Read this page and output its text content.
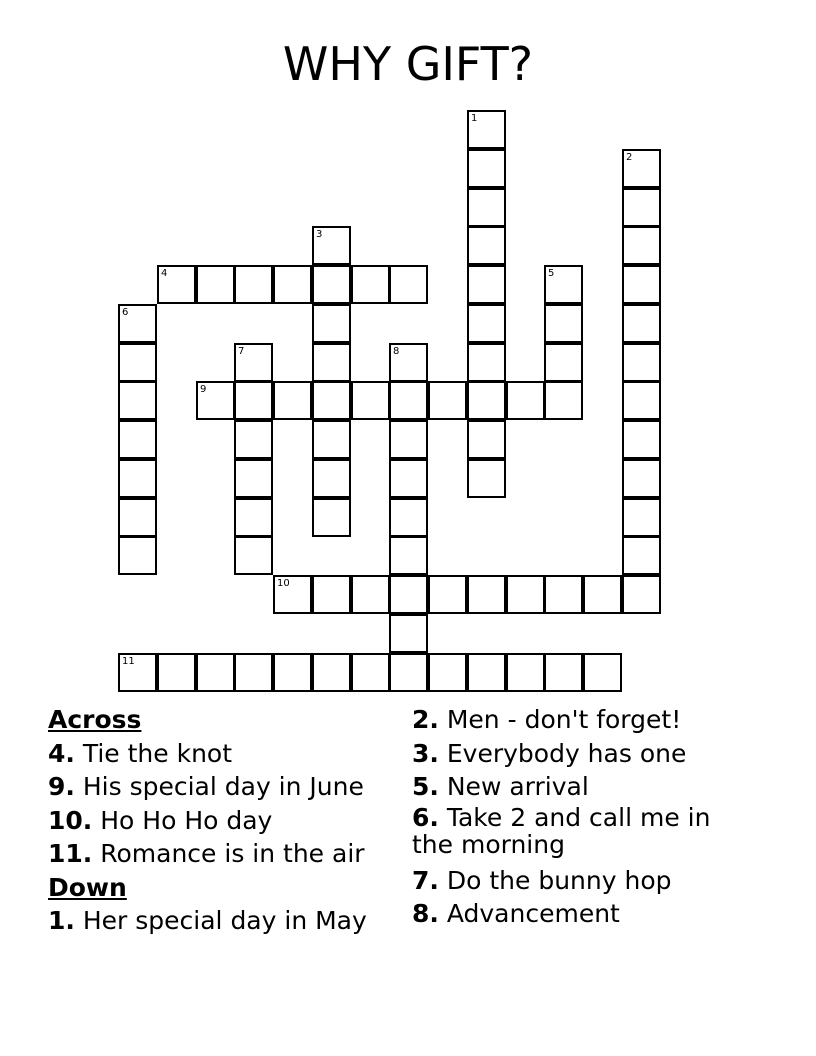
WHY GIFT?
1
2
3
4	5
6
7	8
9
10
11
Across
4. Tie the knot
9. His special day in June
10. Ho Ho Ho day
11. Romance is in the air
Down
1. Her special day in May
2. Men - don't forget!
3. Everybody has one
5. New arrival
6. Take 2 and call me in the morning
7. Do the bunny hop
8. Advancement
